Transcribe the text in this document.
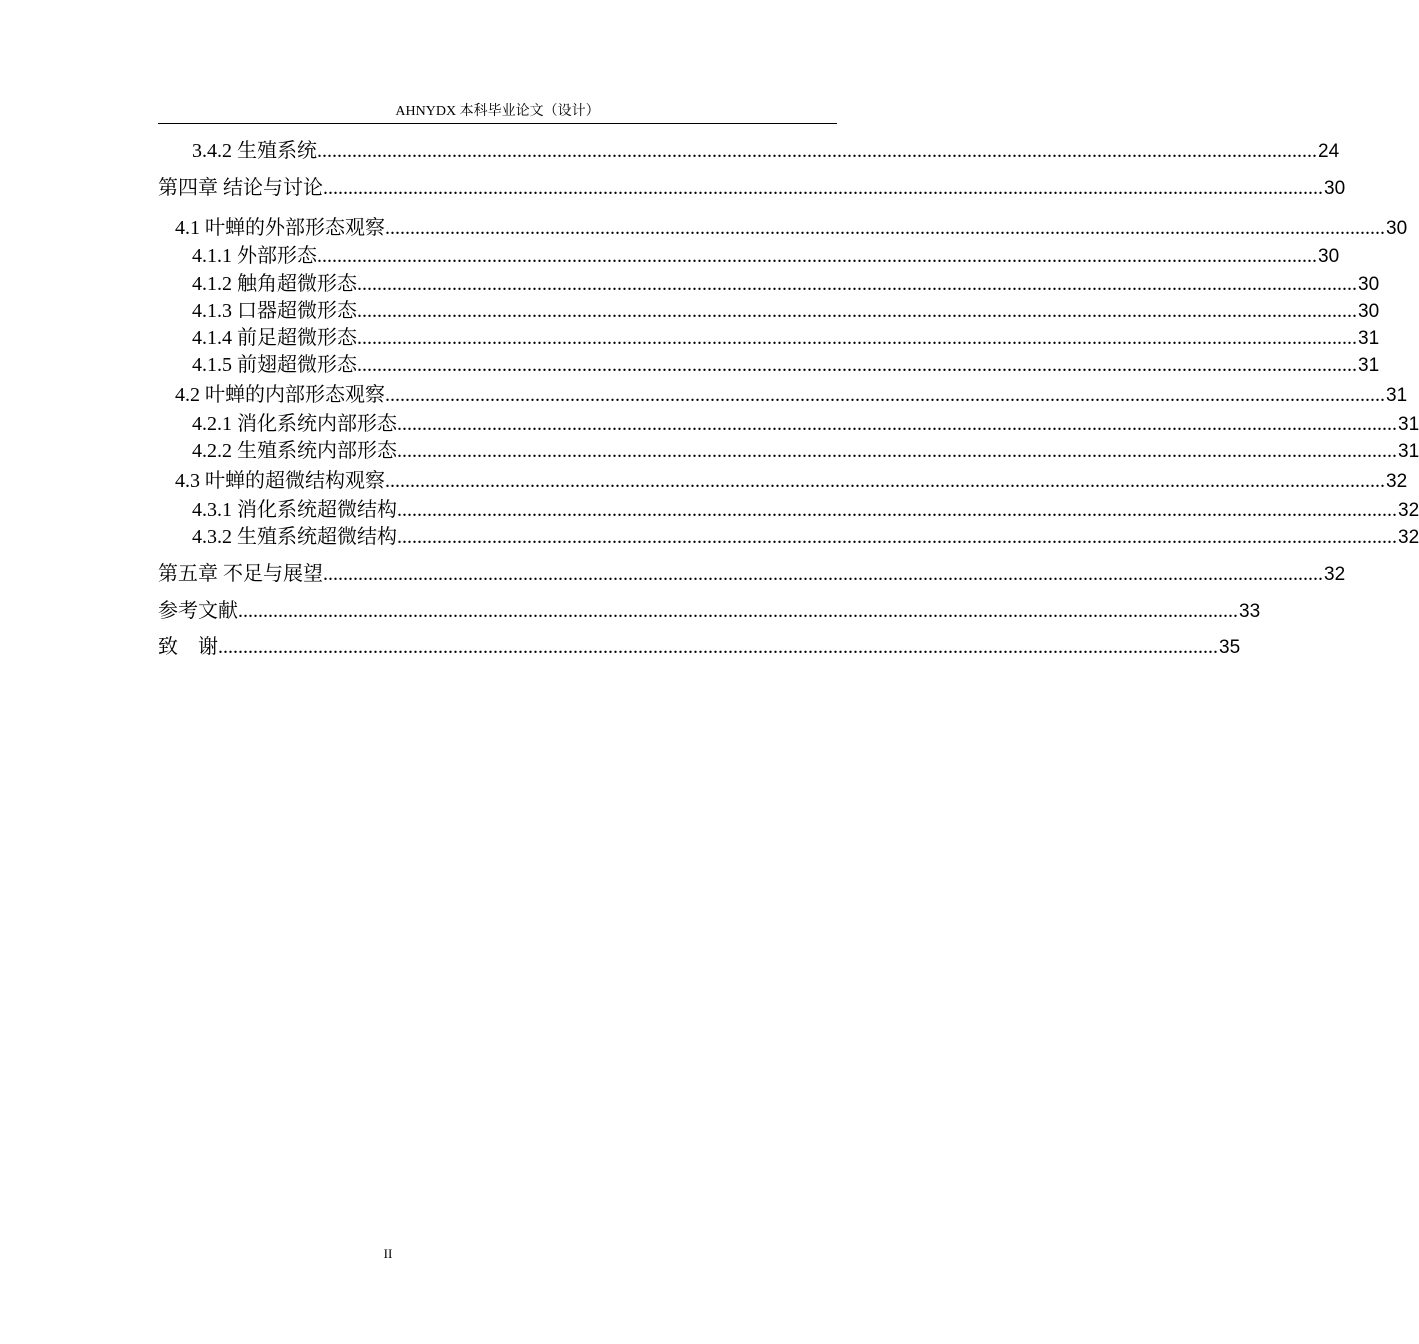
AHNYDX 本科毕业论文（设计）
3.4.2 生殖系统 ........................................................................................................................................................................................................ 24
第四章 结论与讨论 ........................................................................................................................................................................................................ 30
4.1 叶蝉的外部形态观察 ........................................................................................................................................................................................................ 30
4.1.1 外部形态 ........................................................................................................................................................................................................ 30
4.1.2 触角超微形态 ........................................................................................................................................................................................................ 30
4.1.3 口器超微形态 ........................................................................................................................................................................................................ 30
4.1.4 前足超微形态 ........................................................................................................................................................................................................ 31
4.1.5 前翅超微形态 ........................................................................................................................................................................................................ 31
4.2 叶蝉的内部形态观察 ........................................................................................................................................................................................................ 31
4.2.1 消化系统内部形态 ........................................................................................................................................................................................................ 31
4.2.2 生殖系统内部形态 ........................................................................................................................................................................................................ 31
4.3 叶蝉的超微结构观察 ........................................................................................................................................................................................................ 32
4.3.1 消化系统超微结构 ........................................................................................................................................................................................................ 32
4.3.2 生殖系统超微结构 ........................................................................................................................................................................................................ 32
第五章 不足与展望 ........................................................................................................................................................................................................ 32
参考文献 ........................................................................................................................................................................................................ 33
致    谢 ........................................................................................................................................................................................................ 35
II
